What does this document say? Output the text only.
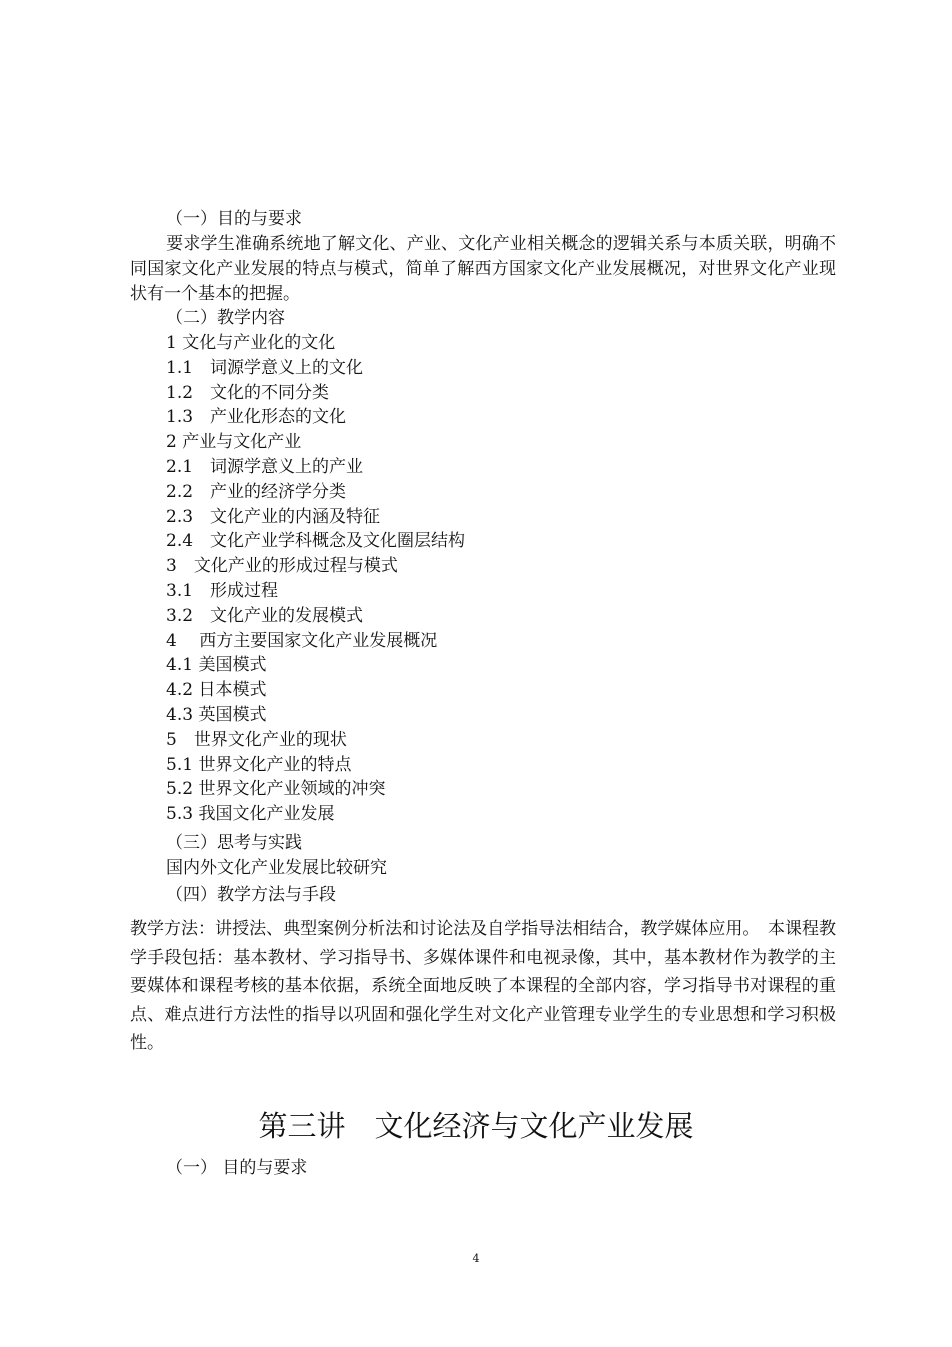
（一）目的与要求

要求学生准确系统地了解文化、产业、文化产业相关概念的逻辑关系与本质关联，明确不同国家文化产业发展的特点与模式，简单了解西方国家文化产业发展概况，对世界文化产业现状有一个基本的把握。

（二）教学内容
1 文化与产业化的文化
1.1　词源学意义上的文化
1.2　文化的不同分类
1.3　产业化形态的文化
2 产业与文化产业
2.1　词源学意义上的产业
2.2　产业的经济学分类
2.3　文化产业的内涵及特征
2.4　文化产业学科概念及文化圈层结构
3　文化产业的形成过程与模式
3.1　形成过程
3.2　文化产业的发展模式
4　 西方主要国家文化产业发展概况
4.1 美国模式
4.2 日本模式
4.3 英国模式
5　世界文化产业的现状
5.1 世界文化产业的特点
5.2 世界文化产业领域的冲突
5.3 我国文化产业发展
（三）思考与实践
国内外文化产业发展比较研究
（四）教学方法与手段

教学方法：讲授法、典型案例分析法和讨论法及自学指导法相结合，教学媒体应用。　本课程教学手段包括：基本教材、学习指导书、多媒体课件和电视录像，其中，基本教材作为教学的主要媒体和课程考核的基本依据，系统全面地反映了本课程的全部内容，学习指导书对课程的重点、难点进行方法性的指导以巩固和强化学生对文化产业管理专业学生的专业思想和学习积极性。

第三讲　文化经济与文化产业发展
（一） 目的与要求
4
